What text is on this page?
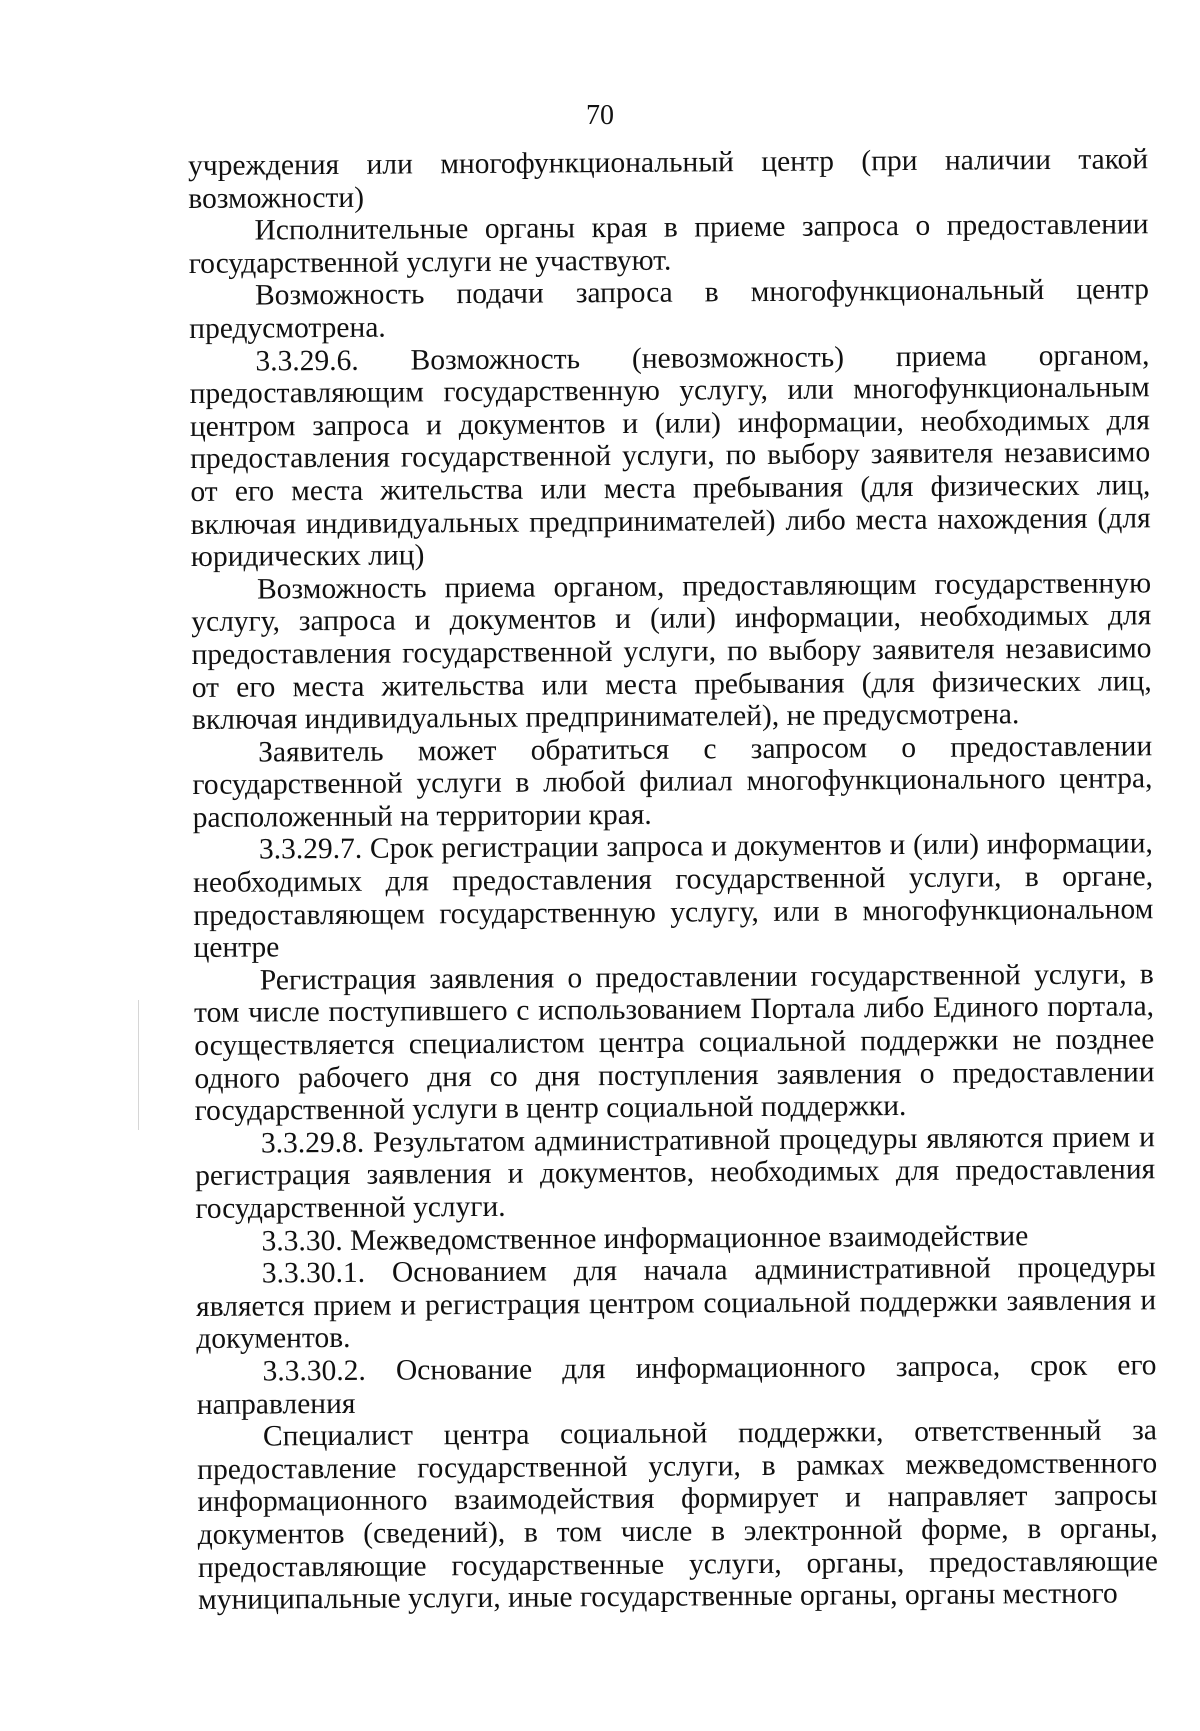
70

учреждения или многофункциональный центр (при наличии такой возможности)

Исполнительные органы края в приеме запроса о предоставлении государственной услуги не участвуют.

Возможность подачи запроса в многофункциональный центр предусмотрена.

3.3.29.6. Возможность (невозможность) приема органом, предоставляющим государственную услугу, или многофункциональным центром запроса и документов и (или) информации, необходимых для предоставления государственной услуги, по выбору заявителя независимо от его места жительства или места пребывания (для физических лиц, включая индивидуальных предпринимателей) либо места нахождения (для юридических лиц)

Возможность приема органом, предоставляющим государственную услугу, запроса и документов и (или) информации, необходимых для предоставления государственной услуги, по выбору заявителя независимо от его места жительства или места пребывания (для физических лиц, включая индивидуальных предпринимателей), не предусмотрена.

Заявитель может обратиться с запросом о предоставлении государственной услуги в любой филиал многофункционального центра, расположенный на территории края.

3.3.29.7. Срок регистрации запроса и документов и (или) информации, необходимых для предоставления государственной услуги, в органе, предоставляющем государственную услугу, или в многофункциональном центре

Регистрация заявления о предоставлении государственной услуги, в том числе поступившего с использованием Портала либо Единого портала, осуществляется специалистом центра социальной поддержки не позднее одного рабочего дня со дня поступления заявления о предоставлении государственной услуги в центр социальной поддержки.

3.3.29.8. Результатом административной процедуры являются прием и регистрация заявления и документов, необходимых для предоставления государственной услуги.

3.3.30. Межведомственное информационное взаимодействие

3.3.30.1. Основанием для начала административной процедуры является прием и регистрация центром социальной поддержки заявления и документов.

3.3.30.2. Основание для информационного запроса, срок его направления

Специалист центра социальной поддержки, ответственный за предоставление государственной услуги, в рамках межведомственного информационного взаимодействия формирует и направляет запросы документов (сведений), в том числе в электронной форме, в органы, предоставляющие государственные услуги, органы, предоставляющие муниципальные услуги, иные государственные органы, органы местного
